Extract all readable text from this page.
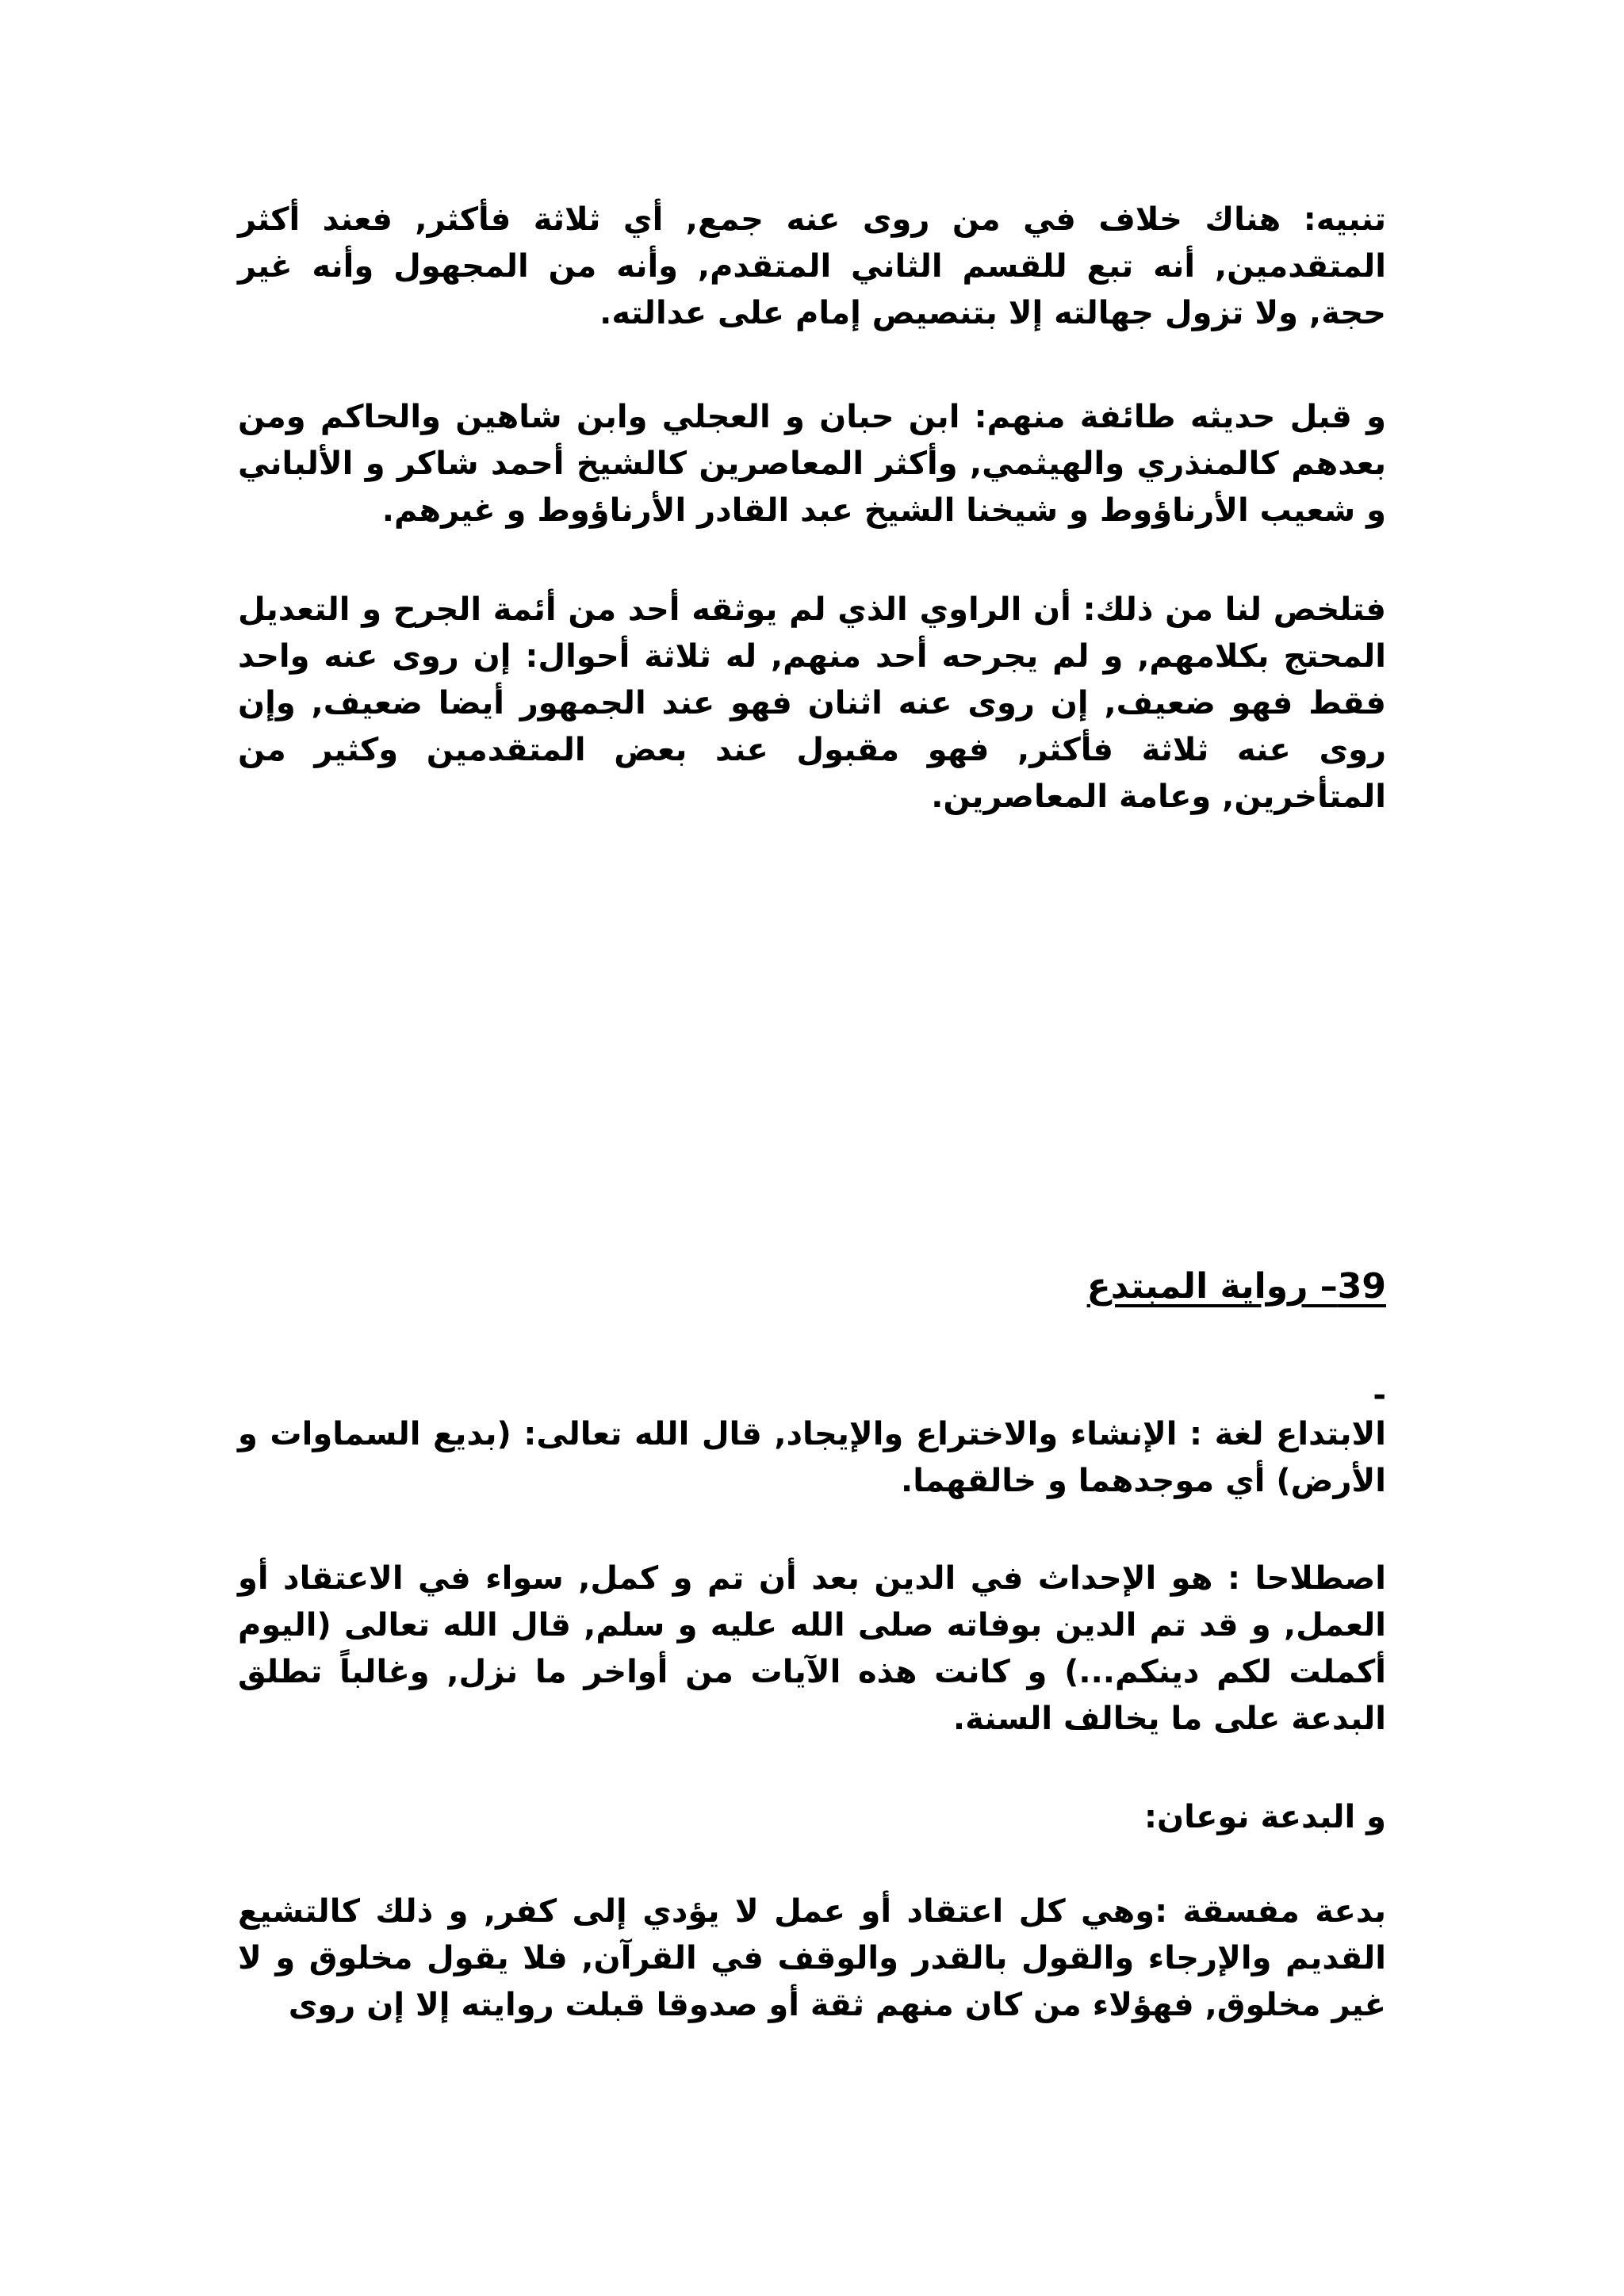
تنبيه: هناك خلاف في من روى عنه جمع, أي ثلاثة فأكثر, فعند أكثر المتقدمين, أنه تبع للقسم الثاني المتقدم, وأنه من المجهول وأنه غير حجة, ولا تزول جهالته إلا بتنصيص إمام على عدالته.

و قبل حديثه طائفة منهم: ابن حبان و العجلي وابن شاهين والحاكم ومن بعدهم كالمنذري والهيثمي, وأكثر المعاصرين كالشيخ أحمد شاكر و الألباني و شعيب الأرناؤوط و شيخنا الشيخ عبد القادر الأرناؤوط و غيرهم.

فتلخص لنا من ذلك: أن الراوي الذي لم يوثقه أحد من أئمة الجرح و التعديل المحتج بكلامهم, و لم يجرحه أحد منهم, له ثلاثة أحوال: إن روى عنه واحد فقط فهو ضعيف, إن روى عنه اثنان فهو عند الجمهور أيضا ضعيف, وإن روى عنه ثلاثة فأكثر, فهو مقبول عند بعض المتقدمين وكثير من المتأخرين, وعامة المعاصرين.

39– رواية المبتدع
-

الابتداع لغة : الإنشاء والاختراع والإيجاد, قال الله تعالى: (بديع السماوات و الأرض) أي موجدهما و خالقهما.

اصطلاحا : هو الإحداث في الدين بعد أن تم و كمل, سواء في الاعتقاد أو العمل, و قد تم الدين بوفاته صلى الله عليه و سلم, قال الله تعالى (اليوم أكملت لكم دينكم...) و كانت هذه الآيات من أواخر ما نزل, وغالباً تطلق البدعة على ما يخالف السنة.

و البدعة نوعان:

بدعة مفسقة :وهي كل اعتقاد أو عمل لا يؤدي إلى كفر, و ذلك كالتشيع القديم والإرجاء والقول بالقدر والوقف في القرآن, فلا يقول مخلوق و لا غير مخلوق, فهؤلاء من كان منهم ثقة أو صدوقا قبلت روايته إلا إن روى
